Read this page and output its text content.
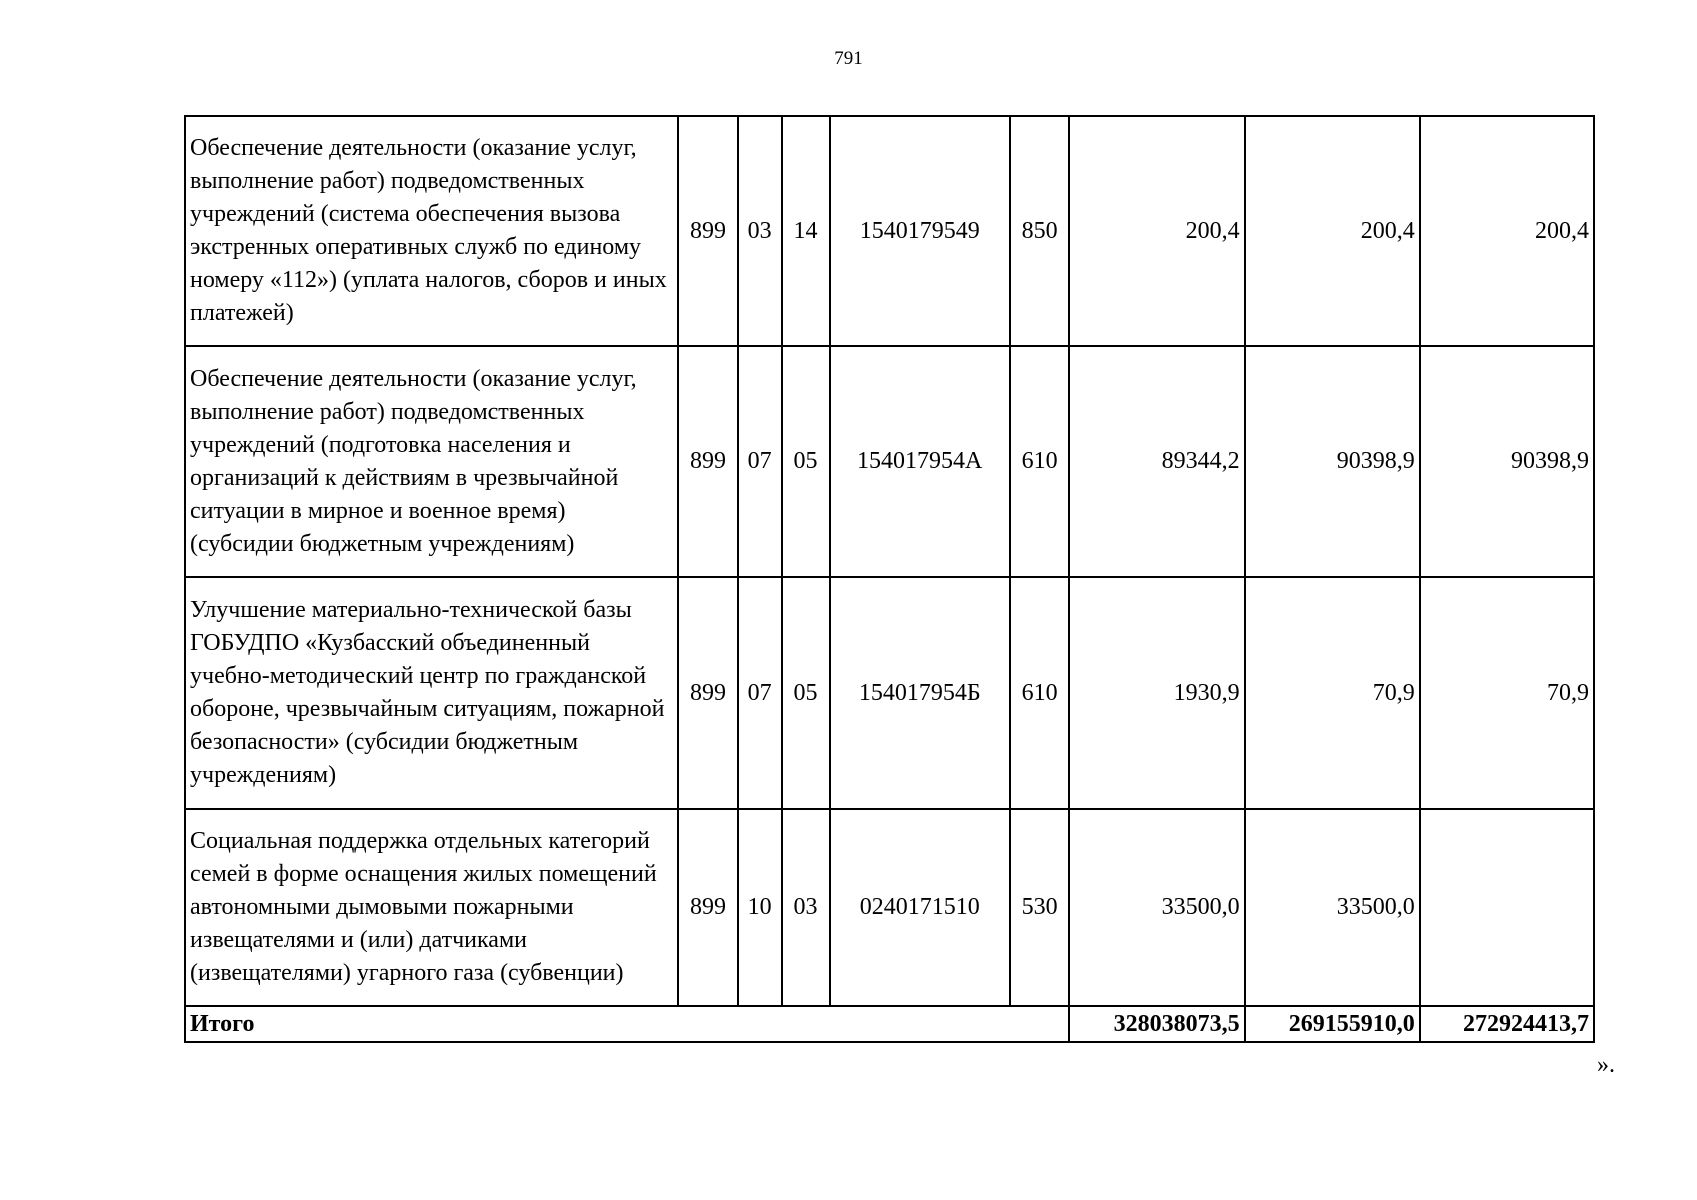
791
Обеспечение деятельности (оказание услуг, выполнение работ) подведомственных учреждений (система обеспечения вызова экстренных оперативных служб по единому номеру «112») (уплата налогов, сборов и иных платежей)	899	03	14	1540179549	850	200,4	200,4	200,4
Обеспечение деятельности (оказание услуг, выполнение работ) подведомственных учреждений (подготовка населения и организаций к действиям в чрезвычайной ситуации в мирное и военное время) (субсидии бюджетным учреждениям)	899	07	05	154017954А	610	89344,2	90398,9	90398,9
Улучшение материально-технической базы ГОБУДПО «Кузбасский объединенный учебно-методический центр по гражданской обороне, чрезвычайным ситуациям, пожарной безопасности» (субсидии бюджетным учреждениям)	899	07	05	154017954Б	610	1930,9	70,9	70,9
Социальная поддержка отдельных категорий семей в форме оснащения жилых помещений автономными дымовыми пожарными извещателями и (или) датчиками (извещателями) угарного газа (субвенции)	899	10	03	0240171510	530	33500,0	33500,0	
Итого						328038073,5	269155910,0	272924413,7
».
